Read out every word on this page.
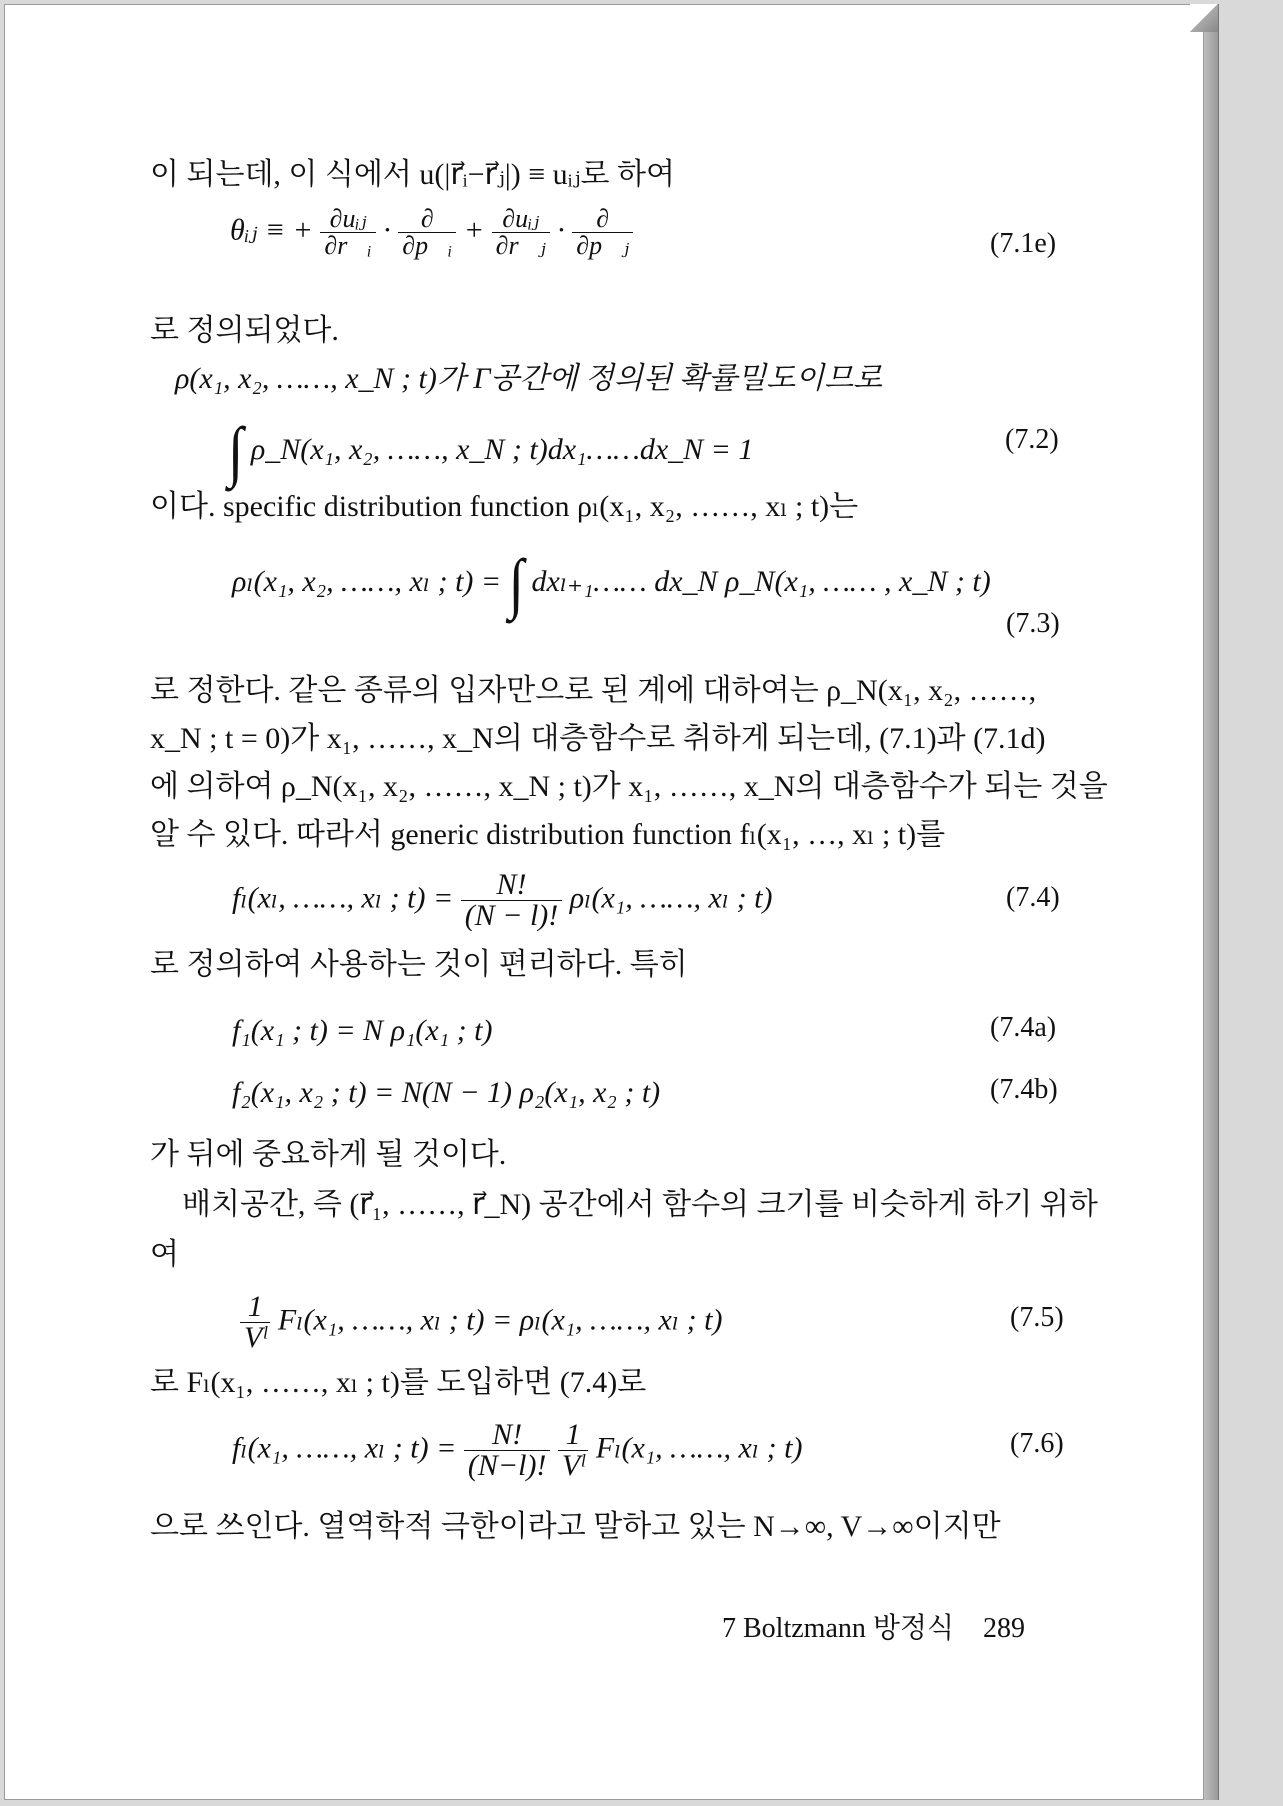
이 되는데, 이 식에서 u(|r⃗ᵢ−r⃗ⱼ|) ≡ uᵢⱼ로 하여
θᵢⱼ ≡ + $\frac{\text{∂uᵢⱼ}}{\text{∂r⃗ᵢ}} \cdot \frac{\partial}{\text{∂p⃗ᵢ}} + \frac{\text{∂uᵢⱼ}}{\text{∂r⃗ⱼ}} \cdot \frac{\partial}{\text{∂p⃗ⱼ}}$	(7.1e)
로 정의되었다.
ρ(x₁, x₂, ……, x_N ; t)가 Γ공간에 정의된 확률밀도이므로
∫ ρ_N(x₁, x₂, ……, x_N ; t)dx₁……dx_N = 1	(7.2)
이다. specific distribution function ρₗ(x₁, x₂, ……, xₗ ; t)는
ρₗ(x₁, x₂, ……, xₗ ; t) = ∫ dxₗ₊₁…… dx_N ρ_N(x₁, …… , x_N ; t)
(7.3)
로 정한다. 같은 종류의 입자만으로 된 계에 대하여는 ρ_N(x₁, x₂, ……,
x_N ; t = 0)가 x₁, ……, x_N의 대층함수로 취하게 되는데, (7.1)과 (7.1d)
에 의하여 ρ_N(x₁, x₂, ……, x_N ; t)가 x₁, ……, x_N의 대층함수가 되는 것을
알 수 있다. 따라서 generic distribution function fₗ(x₁, …, xₗ ; t)를
fₗ(xₗ, ……, xₗ ; $t) = \frac{N!}{(N - l)!} \rho_l(x_1$, ……, xₗ ; t)	(7.4)
로 정의하여 사용하는 것이 편리하다. 특히
f₁(x₁ ; t) = N ρ₁(x₁ ; t)	(7.4a)
f₂(x₁, x₂ ; t) = N(N − 1) ρ₂(x₁, x₂ ; t)	(7.4b)
가 뒤에 중요하게 될 것이다.
배치공간, 즉 (r⃗₁, ……, r⃗_N) 공간에서 함수의 크기를 비슷하게 하기 위하
여
$\frac{1}{\text{Vˡ}} F_l(x_1$, ……, xₗ ; t) = ρₗ(x₁, ……, xₗ ; t)	(7.5)
로 Fₗ(x₁, ……, xₗ ; t)를 도입하면 (7.4)로
fₗ(x₁, ……, xₗ ; $t) = \frac{N!}{(N-l)!}$
$\frac{1}{\text{Vˡ}} F_l(x_1$, ……, xₗ ; t)	(7.6)
으로 쓰인다. 열역학적 극한이라고 말하고 있는 N→∞, V→∞이지만
7 Boltzmann 방정식 289
